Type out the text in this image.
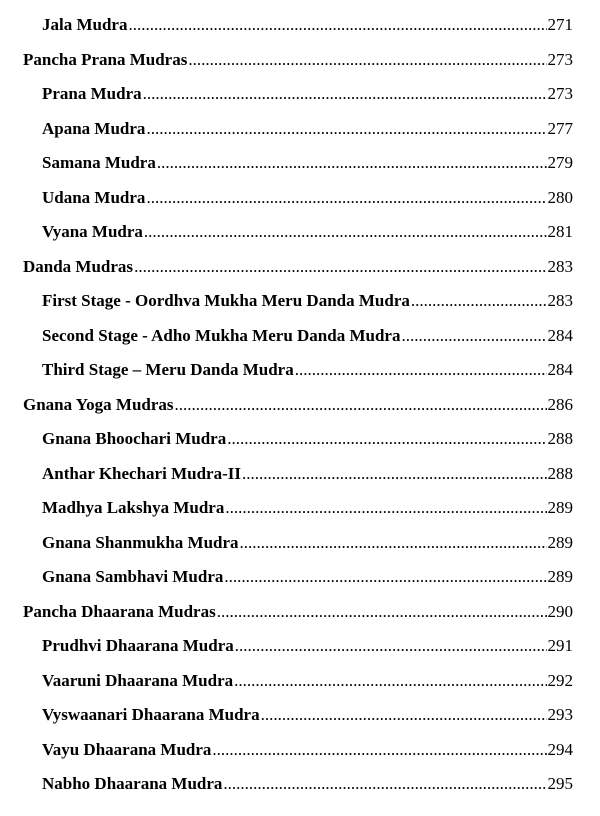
Jala Mudra .....	271
Pancha Prana Mudras .....	273
Prana Mudra .....	273
Apana Mudra .....	277
Samana Mudra .....	279
Udana Mudra .....	280
Vyana Mudra .....	281
Danda Mudras .....	283
First Stage - Oordhva Mukha Meru Danda Mudra .....	283
Second Stage - Adho Mukha Meru Danda Mudra .....	284
Third Stage – Meru Danda Mudra .....	284
Gnana Yoga Mudras .....	286
Gnana Bhoochari Mudra .....	288
Anthar Khechari Mudra-II .....	288
Madhya Lakshya Mudra .....	289
Gnana Shanmukha Mudra .....	289
Gnana Sambhavi Mudra .....	289
Pancha Dhaarana Mudras .....	290
Prudhvi Dhaarana Mudra .....	291
Vaaruni Dhaarana Mudra .....	292
Vyswaanari Dhaarana Mudra .....	293
Vayu Dhaarana Mudra .....	294
Nabho Dhaarana Mudra .....	295
